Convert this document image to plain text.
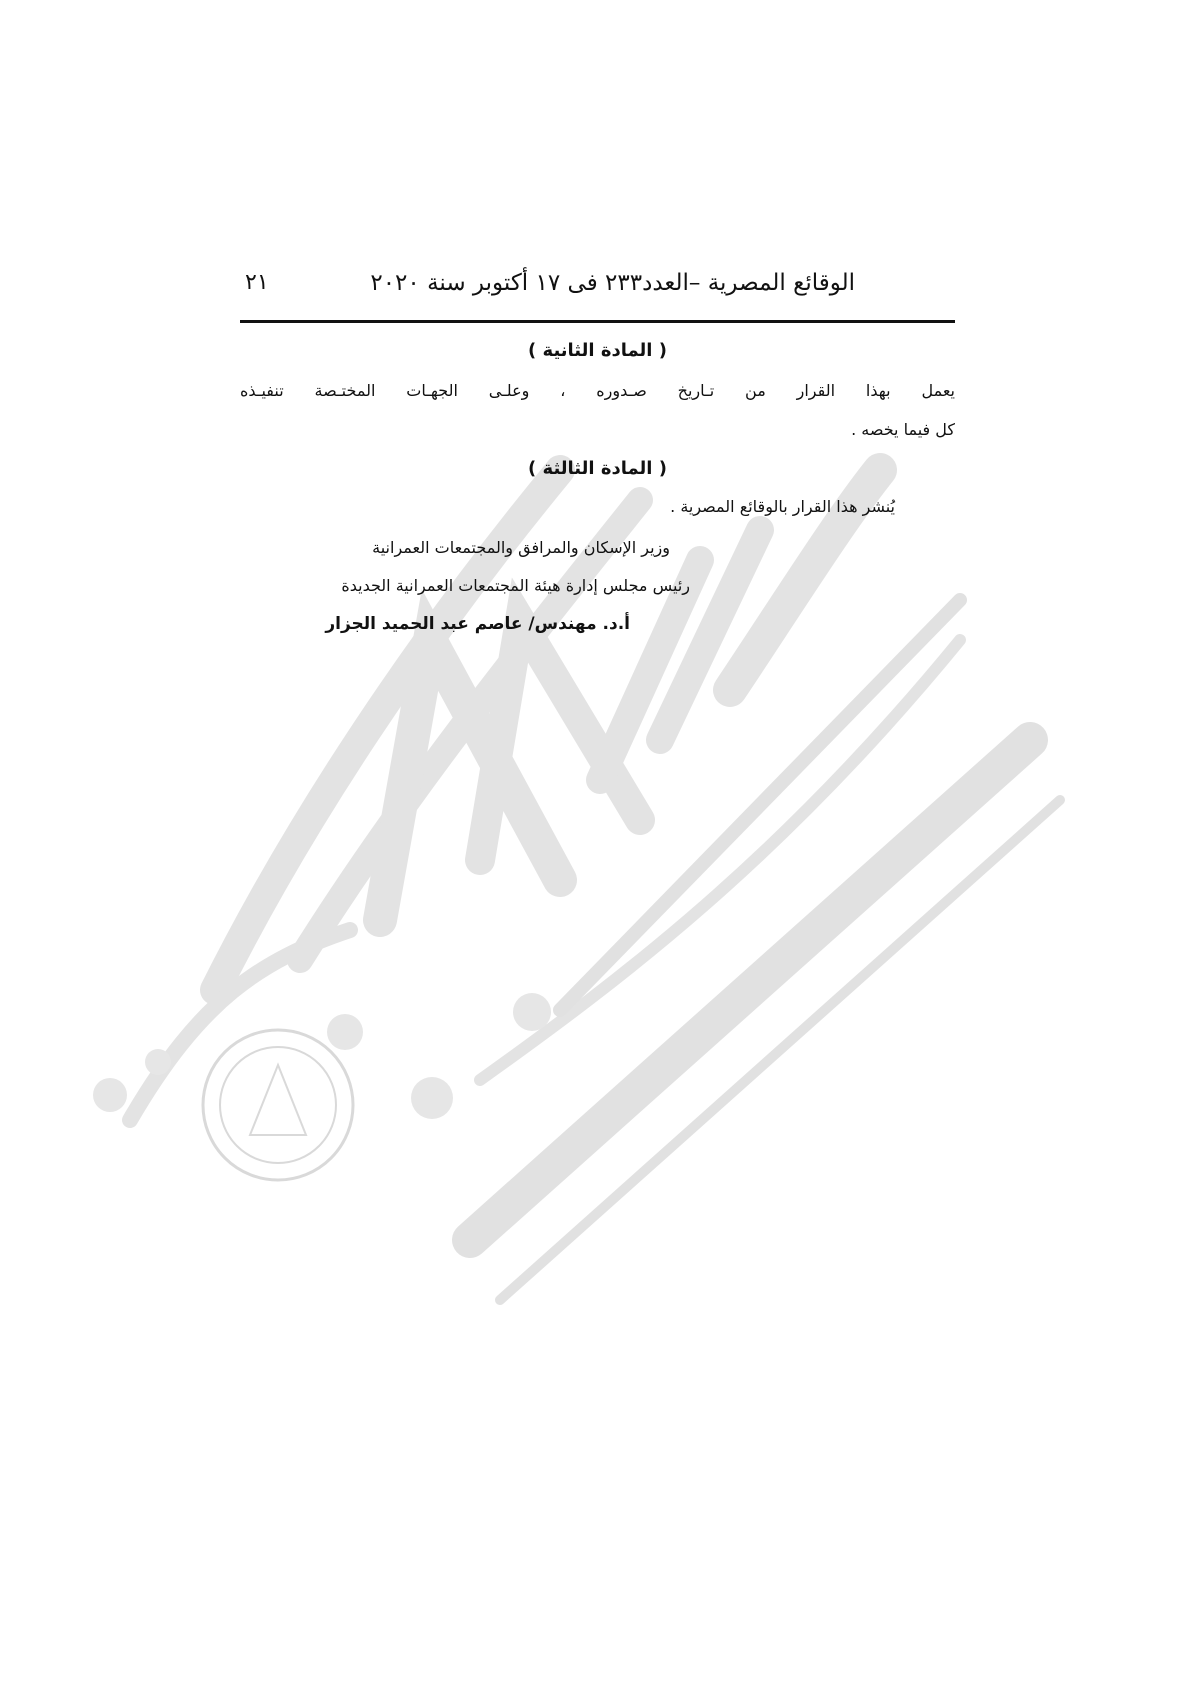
الوقائع المصرية –العدد٢٣٣ فى ١٧ أكتوبر سنة ٢٠٢٠
٢١
( المادة الثانية )
يعمل بهذا القرار من تـاريخ صـدوره ، وعلـى الجهـات المختـصة تنفيـذه
كل فيما يخصه .
( المادة الثالثة )
يُنشر هذا القرار بالوقائع المصرية .
وزير الإسكان والمرافق والمجتمعات العمرانية
رئيس مجلس إدارة هيئة المجتمعات العمرانية الجديدة
أ.د. مهندس/ عاصم عبد الحميد الجزار
